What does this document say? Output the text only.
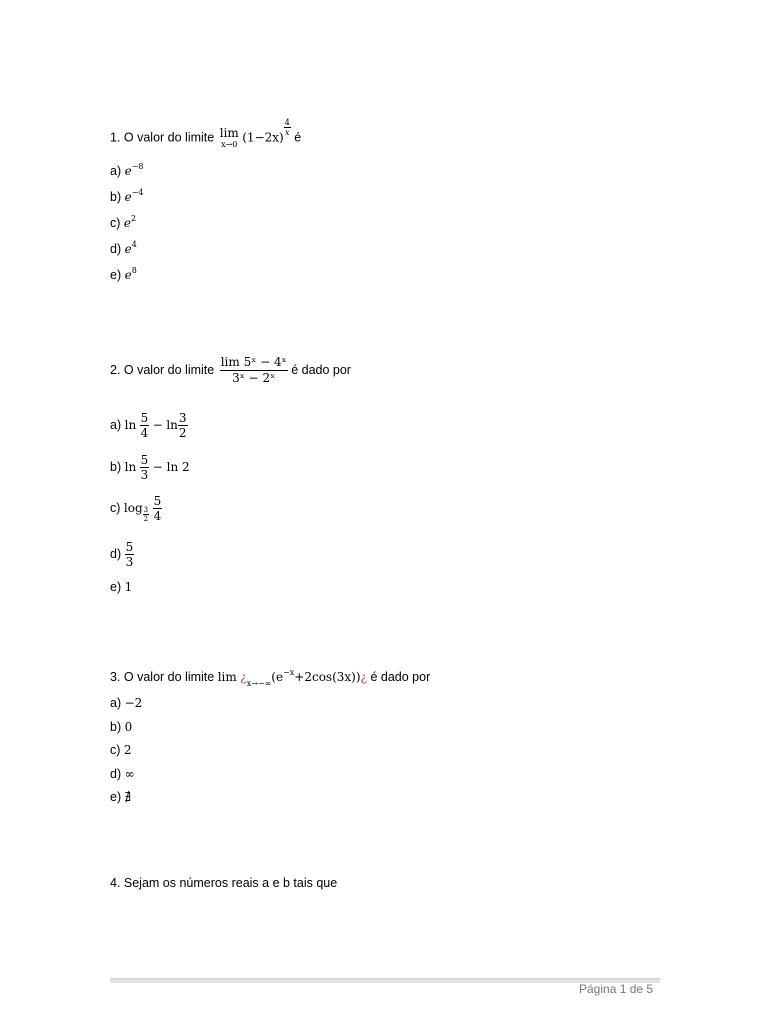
1. O valor do limite lim
x→0
(1−2x)
$\frac{4}{x}$
é
a) $e^{-8}$
b) $e^{-4}$
c) $e^2$
d) $e^4$
e) $e^8$
2. O valor do limite $\frac{\text{lim 5ˣ − 4ˣ}}{\text{3ˣ − 2ˣ}}$ é dado por
a) $\ln \frac{5}{4} - \ln \frac{3}{2}$
b) $\ln \frac{5}{3} - \ln 2$
c) $\log \frac{3}{2}$
$\frac{5}{4}$
$d) \frac{5}{3}$
e) 1
3. O valor do limite $\lim ¿_{x\to-\infty}(e^{-x}+2\cos(3x))¿$ é dado por
a) −2
b) 0
c) 2
d) ∞
e) ∄
4. Sejam os números reais a e b tais que
Página 1 de 5
